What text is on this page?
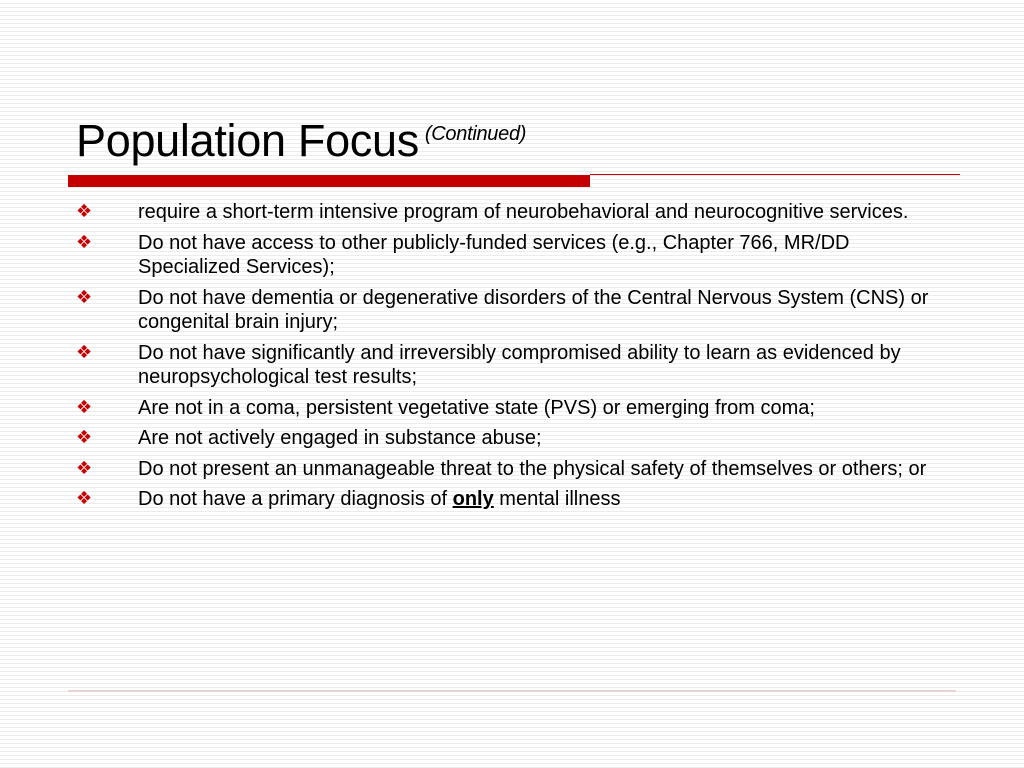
Population Focus $^{(Continued)}$
❖ require a short-term intensive program of neurobehavioral and neurocognitive services.
❖ Do not have access to other publicly-funded services (e.g., Chapter 766, MR/DD Specialized Services);
❖ Do not have dementia or degenerative disorders of the Central Nervous System (CNS) or congenital brain injury;
❖ Do not have significantly and irreversibly compromised ability to learn as evidenced by neuropsychological test results;
❖ Are not in a coma, persistent vegetative state (PVS) or emerging from coma;
❖ Are not actively engaged in substance abuse;
❖ Do not present an unmanageable threat to the physical safety of themselves or others; or
❖ Do not have a primary diagnosis of only mental illness
